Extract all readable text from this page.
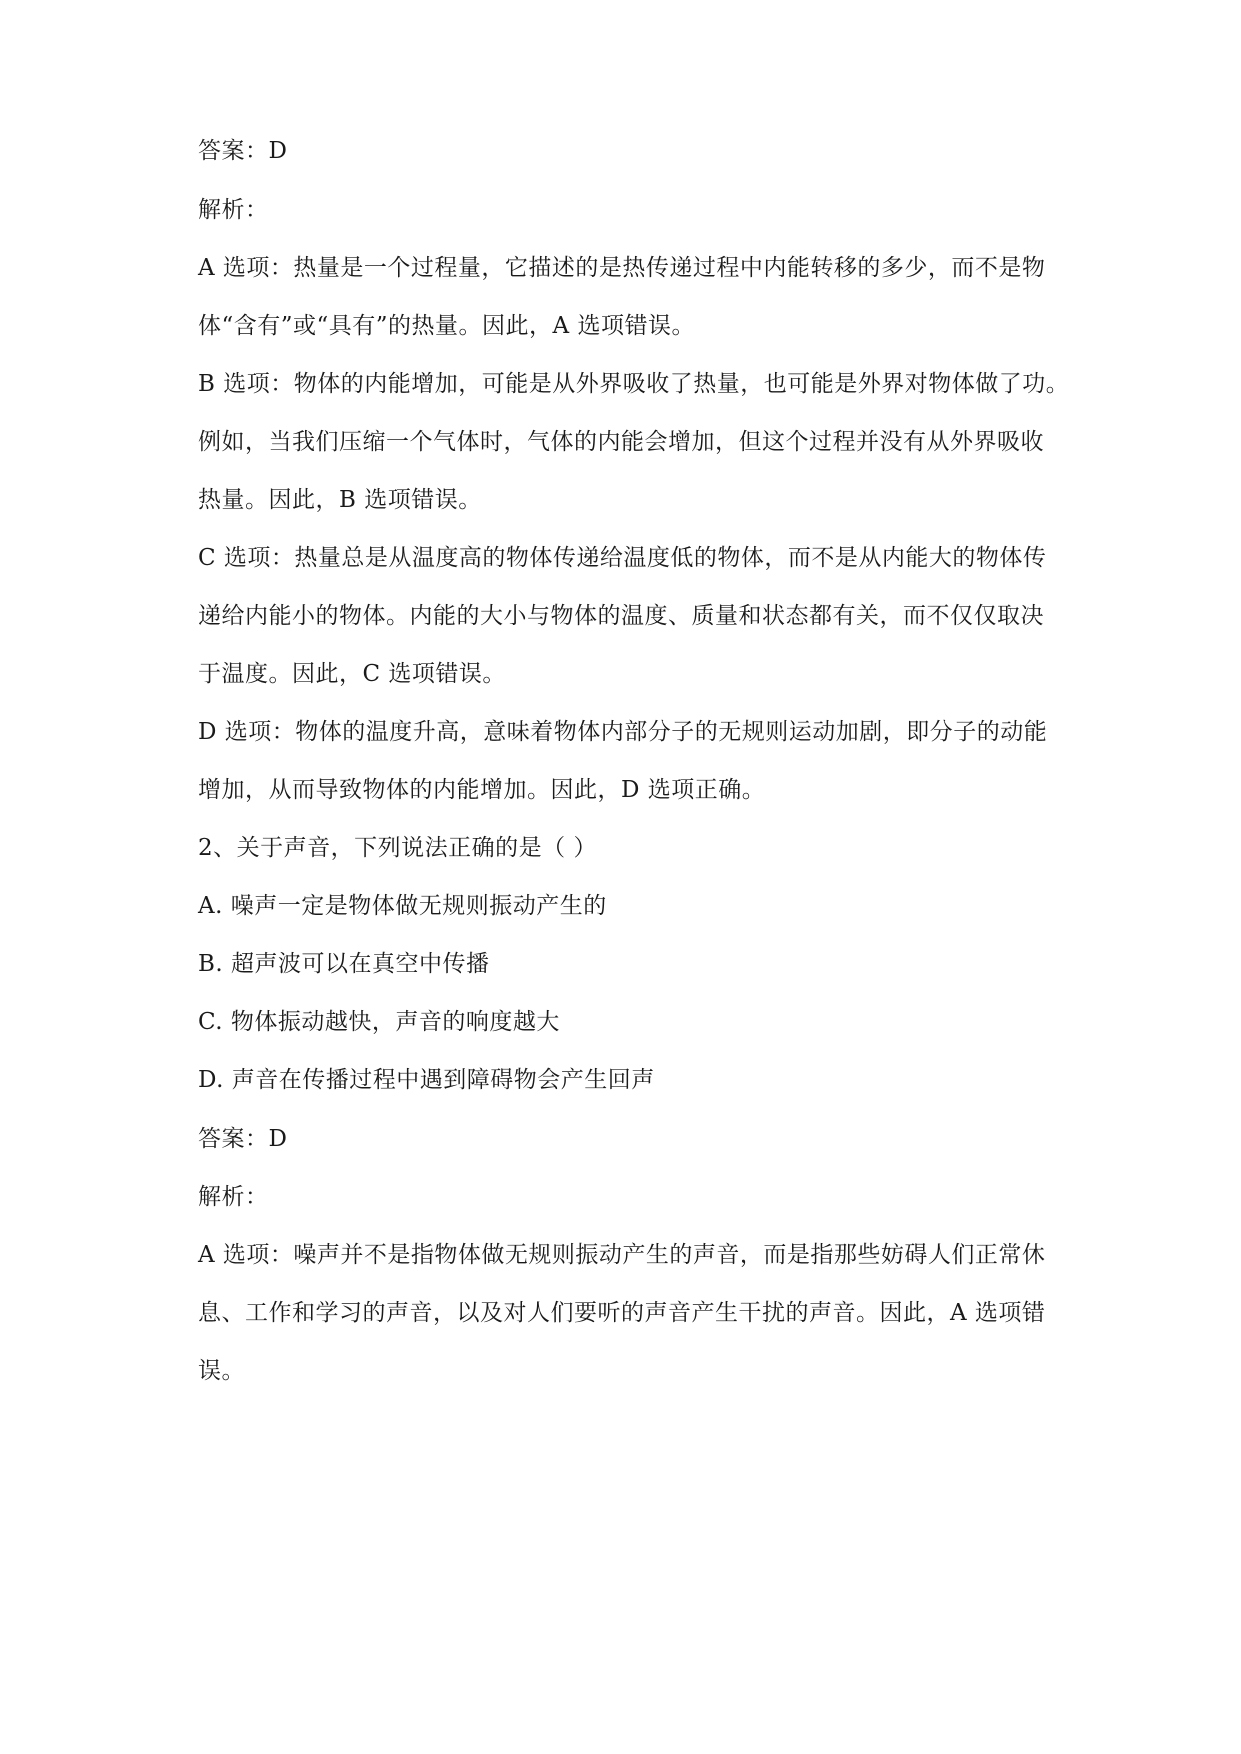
答案：D
解析：
A 选项：热量是一个过程量，它描述的是热传递过程中内能转移的多少，而不是物
体“含有”或“具有”的热量。因此，A 选项错误。
B 选项：物体的内能增加，可能是从外界吸收了热量，也可能是外界对物体做了功。
例如，当我们压缩一个气体时，气体的内能会增加，但这个过程并没有从外界吸收
热量。因此，B 选项错误。
C 选项：热量总是从温度高的物体传递给温度低的物体，而不是从内能大的物体传
递给内能小的物体。内能的大小与物体的温度、质量和状态都有关，而不仅仅取决
于温度。因此，C 选项错误。
D 选项：物体的温度升高，意味着物体内部分子的无规则运动加剧，即分子的动能
增加，从而导致物体的内能增加。因此，D 选项正确。
2、关于声音，下列说法正确的是（ ）
A. 噪声一定是物体做无规则振动产生的
B. 超声波可以在真空中传播
C. 物体振动越快，声音的响度越大
D. 声音在传播过程中遇到障碍物会产生回声
答案：D
解析：
A 选项：噪声并不是指物体做无规则振动产生的声音，而是指那些妨碍人们正常休
息、工作和学习的声音，以及对人们要听的声音产生干扰的声音。因此，A 选项错
误。
